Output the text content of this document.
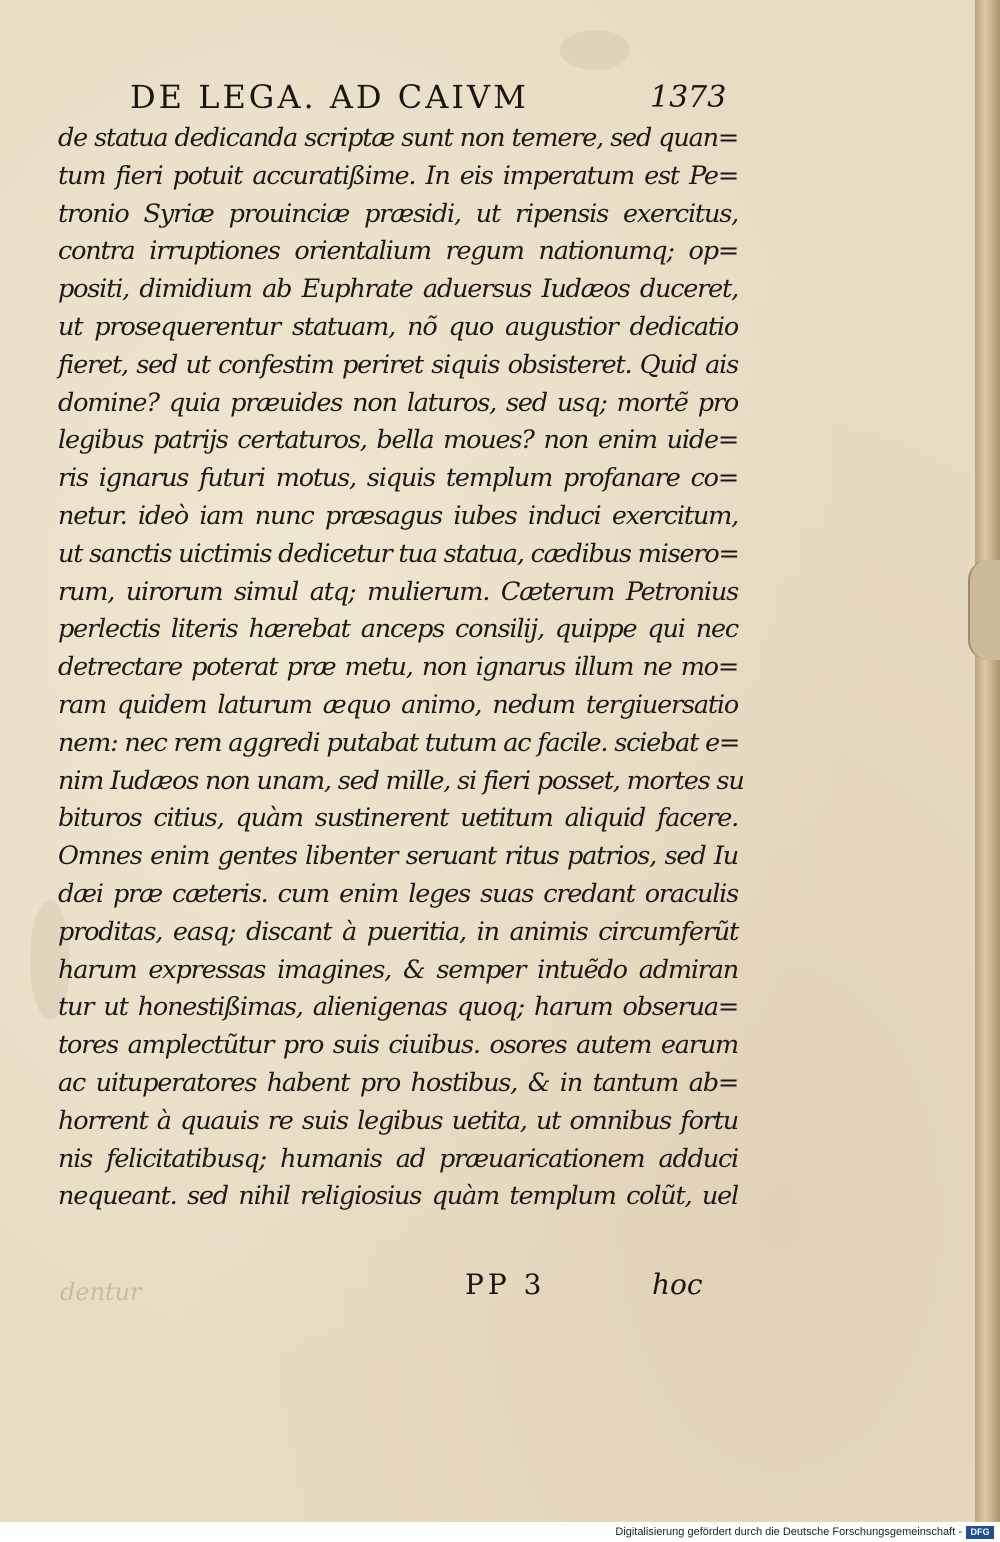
DE LEGA. AD CAIVM	1373
de statua dedicanda scriptæ sunt non temere, sed quan=
tum fieri potuit accuratißime. In eis imperatum est Pe=
tronio Syriæ prouinciæ præsidi, ut ripensis exercitus,
contra irruptiones orientalium regum nationumq; op=
positi, dimidium ab Euphrate aduersus Iudæos duceret,
ut prosequerentur statuam, nõ quo augustior dedicatio
fieret, sed ut confestim periret siquis obsisteret. Quid ais
domine? quia præuides non laturos, sed usq; mortẽ pro
legibus patrijs certaturos, bella moues? non enim uide=
ris ignarus futuri motus, siquis templum profanare co=
netur. ideò iam nunc præsagus iubes induci exercitum,
ut sanctis uictimis dedicetur tua statua, cædibus misero=
rum, uirorum simul atq; mulierum. Cæterum Petronius
perlectis literis hærebat anceps consilij, quippe qui nec
detrectare poterat præ metu, non ignarus illum ne mo=
ram quidem laturum æquo animo, nedum tergiuersatio
nem: nec rem aggredi putabat tutum ac facile. sciebat e=
nim Iudæos non unam, sed mille, si fieri posset, mortes su
bituros citius, quàm sustinerent uetitum aliquid facere.
Omnes enim gentes libenter seruant ritus patrios, sed Iu
dæi præ cæteris. cum enim leges suas credant oraculis
proditas, easq; discant à pueritia, in animis circumferũt
harum expressas imagines, & semper intuẽdo admiran
tur ut honestißimas, alienigenas quoq; harum obserua=
tores amplectũtur pro suis ciuibus. osores autem earum
ac uituperatores habent pro hostibus, & in tantum ab=
horrent à quauis re suis legibus uetita, ut omnibus fortu
nis felicitatibusq; humanis ad præuaricationem adduci
nequeant. sed nihil religiosius quàm templum colũt, uel
dentur	PP 3	hoc
Digitalisierung gefördert durch die Deutsche Forschungsgemeinschaft - DFG
